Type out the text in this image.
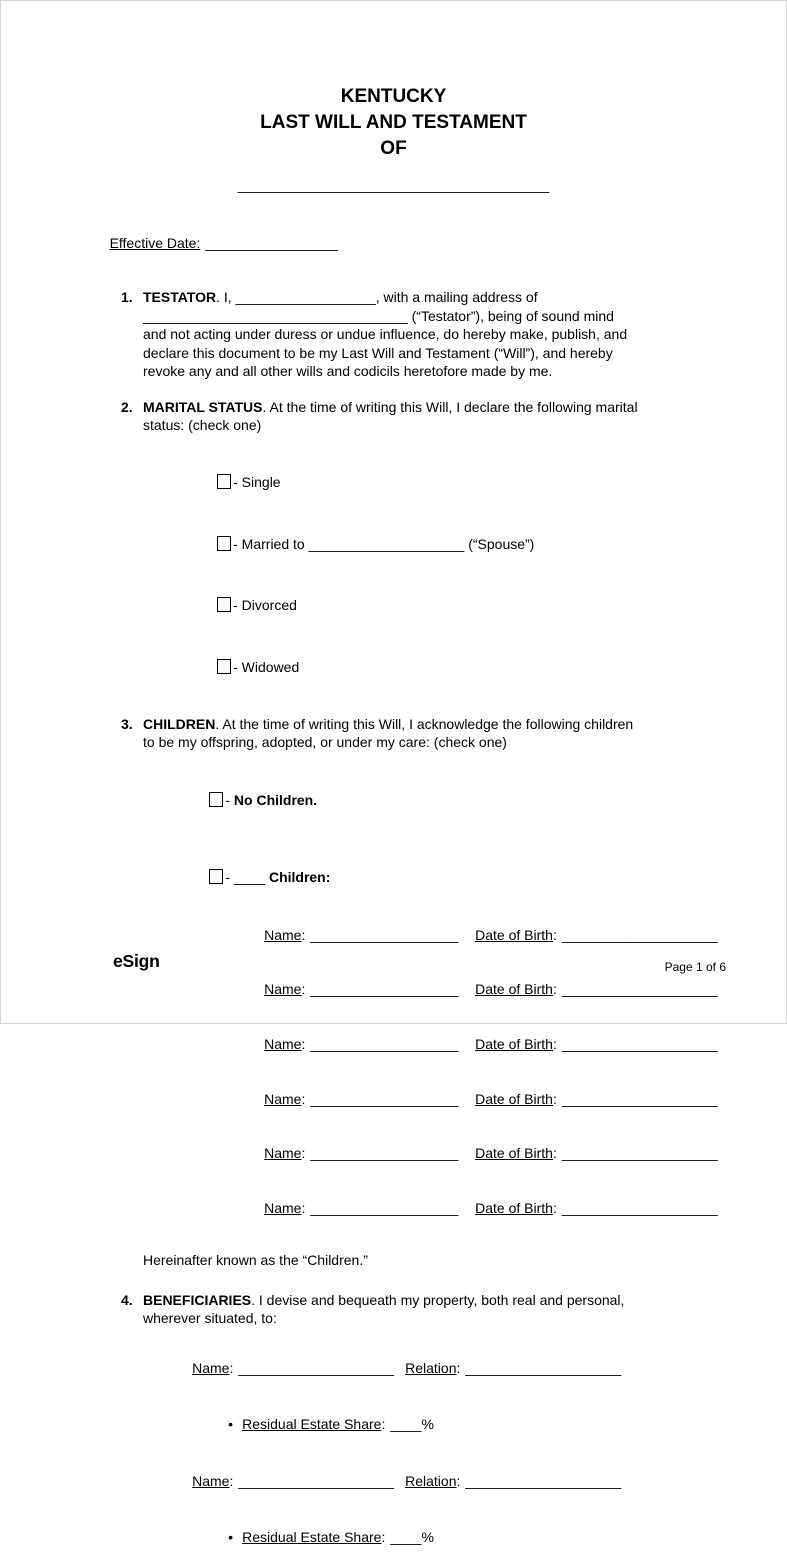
KENTUCKY
LAST WILL AND TESTAMENT
OF
________________________________________

Effective Date: _________________

1. TESTATOR. I, __________________, with a mailing address of
__________________________________ (“Testator”), being of sound mind
and not acting under duress or undue influence, do hereby make, publish, and
declare this document to be my Last Will and Testament (“Will”), and hereby
revoke any and all other wills and codicils heretofore made by me.
2. MARITAL STATUS. At the time of writing this Will, I declare the following marital
status: (check one)

- Single

- Married to ____________________ (“Spouse”)

- Divorced

- Widowed

3. CHILDREN. At the time of writing this Will, I acknowledge the following children
to be my offspring, adopted, or under my care: (check one)

- No Children.

- ____ Children:

Name: ___________________ Date of Birth: ____________________

Name: ___________________ Date of Birth: ____________________

Name: ___________________ Date of Birth: ____________________

Name: ___________________ Date of Birth: ____________________

Name: ___________________ Date of Birth: ____________________

Name: ___________________ Date of Birth: ____________________

Hereinafter known as the “Children.”
4. BENEFICIARIES. I devise and bequeath my property, both real and personal,
wherever situated, to:

Name: ____________________ Relation: ____________________

• Residual Estate Share: ____%

Name: ____________________ Relation: ____________________

• Residual Estate Share: ____%

eSign	Page 1 of 6
